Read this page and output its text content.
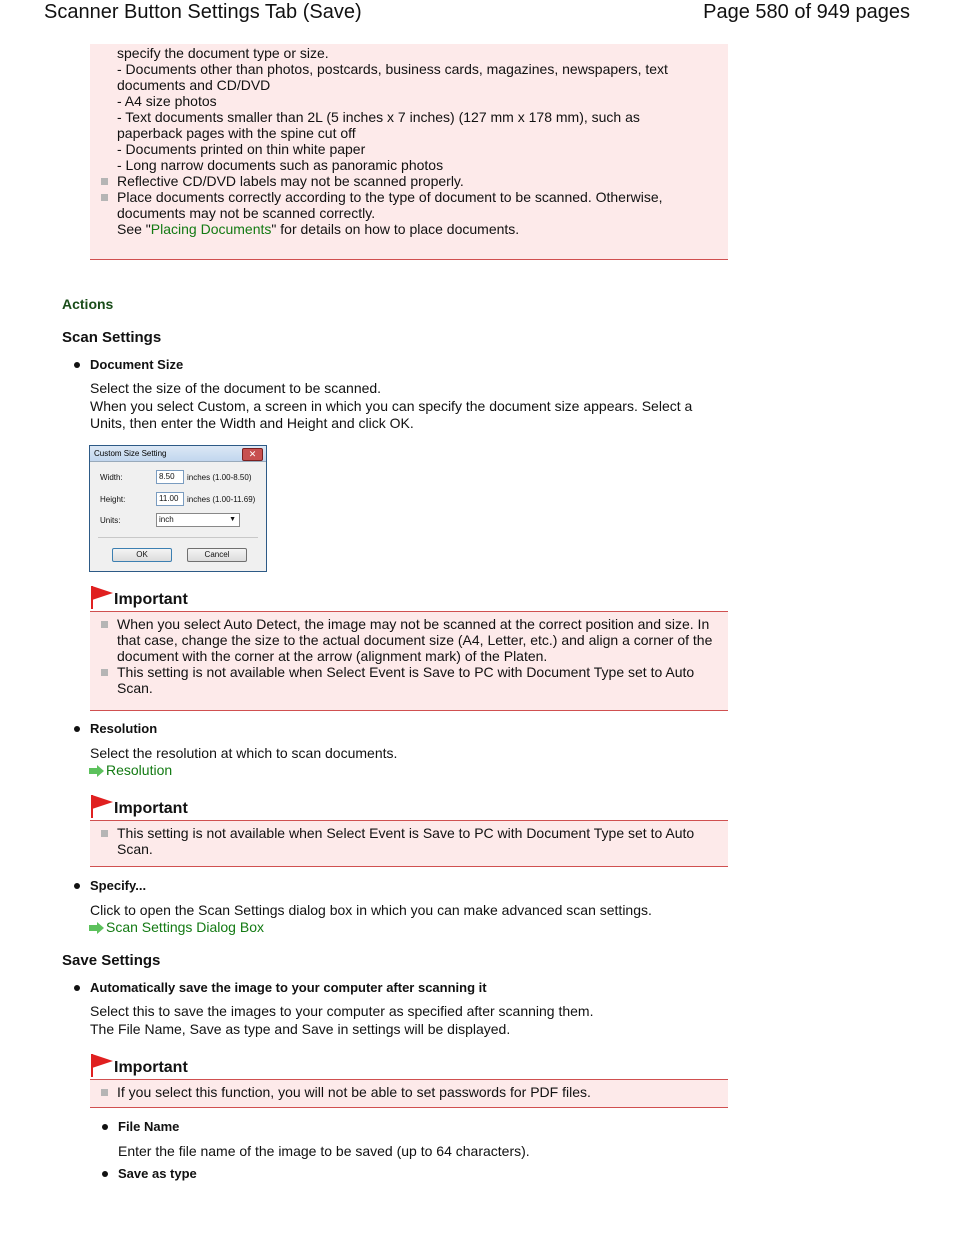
Scanner Button Settings Tab (Save)	Page 580 of 949 pages
specify the document type or size.
- Documents other than photos, postcards, business cards, magazines, newspapers, text
documents and CD/DVD
- A4 size photos
- Text documents smaller than 2L (5 inches x 7 inches) (127 mm x 178 mm), such as
paperback pages with the spine cut off
- Documents printed on thin white paper
- Long narrow documents such as panoramic photos
Reflective CD/DVD labels may not be scanned properly.
Place documents correctly according to the type of document to be scanned. Otherwise,
documents may not be scanned correctly.
See "Placing Documents" for details on how to place documents.
Actions
Scan Settings
Document Size
Select the size of the document to be scanned.
When you select Custom, a screen in which you can specify the document size appears. Select a
Units, then enter the Width and Height and click OK.
Custom Size Setting	✕
Width:	8.50	inches (1.00-8.50)
Height:	11.00	inches (1.00-11.69)
Units:	inch	▼
OK	Cancel
Important
When you select Auto Detect, the image may not be scanned at the correct position and size. In
that case, change the size to the actual document size (A4, Letter, etc.) and align a corner of the
document with the corner at the arrow (alignment mark) of the Platen.
This setting is not available when Select Event is Save to PC with Document Type set to Auto
Scan.
Resolution
Select the resolution at which to scan documents.
Resolution
Important
This setting is not available when Select Event is Save to PC with Document Type set to Auto
Scan.
Specify...
Click to open the Scan Settings dialog box in which you can make advanced scan settings.
Scan Settings Dialog Box
Save Settings
Automatically save the image to your computer after scanning it
Select this to save the images to your computer as specified after scanning them.
The File Name, Save as type and Save in settings will be displayed.
Important
If you select this function, you will not be able to set passwords for PDF files.
File Name
Enter the file name of the image to be saved (up to 64 characters).
Save as type
